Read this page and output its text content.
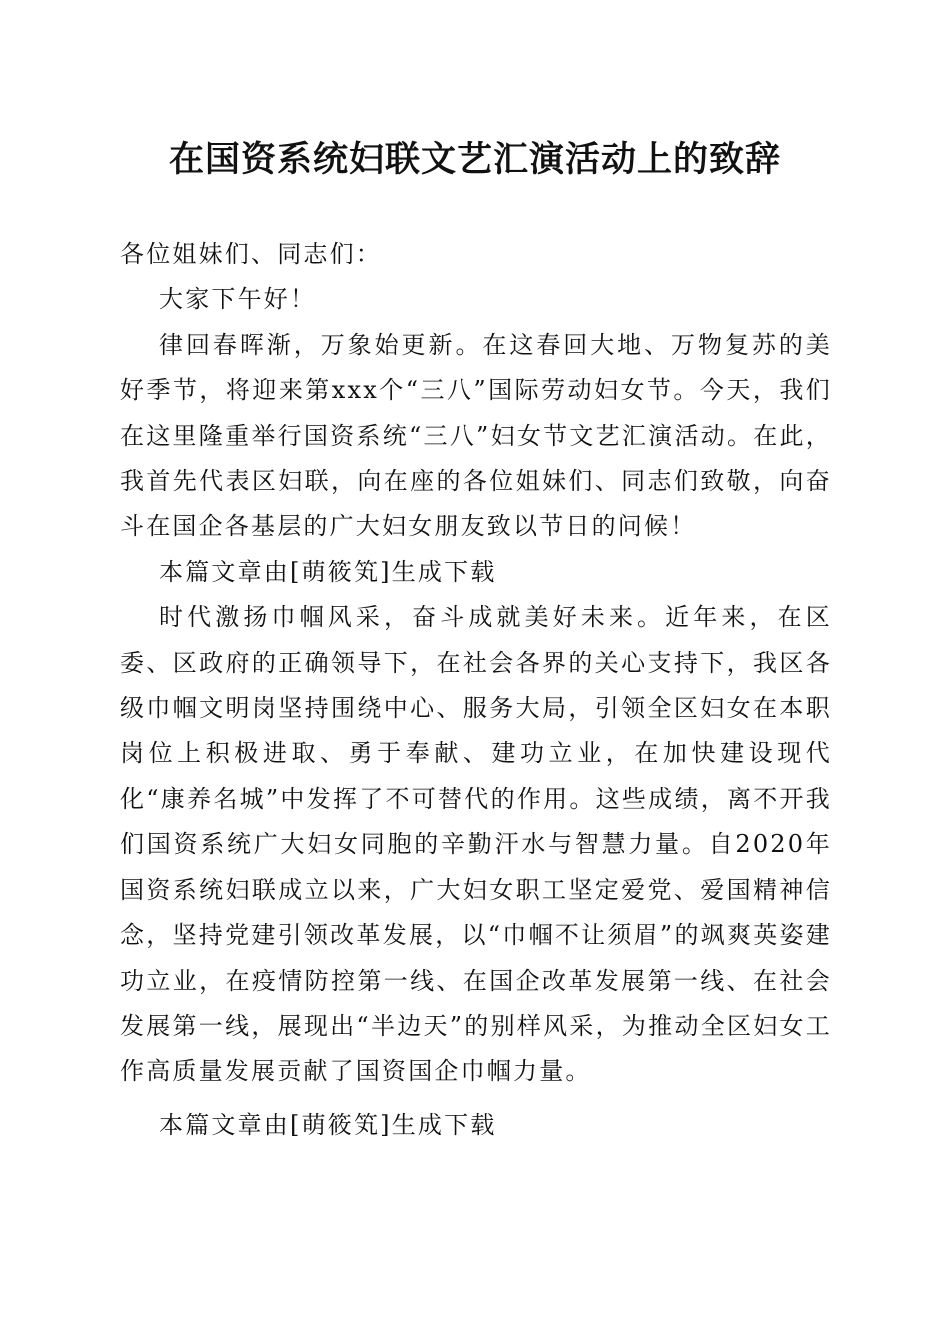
在国资系统妇联文艺汇演活动上的致辞

各位姐妹们、同志们：

大家下午好！

律回春晖渐，万象始更新。在这春回大地、万物复苏的美好季节，将迎来第xxx个“三八”国际劳动妇女节。今天，我们在这里隆重举行国资系统“三八”妇女节文艺汇演活动。在此，我首先代表区妇联，向在座的各位姐妹们、同志们致敬，向奋斗在国企各基层的广大妇女朋友致以节日的问候！

本篇文章由[萌筱笂]生成下载

时代激扬巾帼风采，奋斗成就美好未来。近年来，在区委、区政府的正确领导下，在社会各界的关心支持下，我区各级巾帼文明岗坚持围绕中心、服务大局，引领全区妇女在本职岗位上积极进取、勇于奉献、建功立业，在加快建设现代化“康养名城”中发挥了不可替代的作用。这些成绩，离不开我们国资系统广大妇女同胞的辛勤汗水与智慧力量。自2020年国资系统妇联成立以来，广大妇女职工坚定爱党、爱国精神信念，坚持党建引领改革发展，以“巾帼不让须眉”的飒爽英姿建功立业，在疫情防控第一线、在国企改革发展第一线、在社会发展第一线，展现出“半边天”的别样风采，为推动全区妇女工作高质量发展贡献了国资国企巾帼力量。

本篇文章由[萌筱笂]生成下载
